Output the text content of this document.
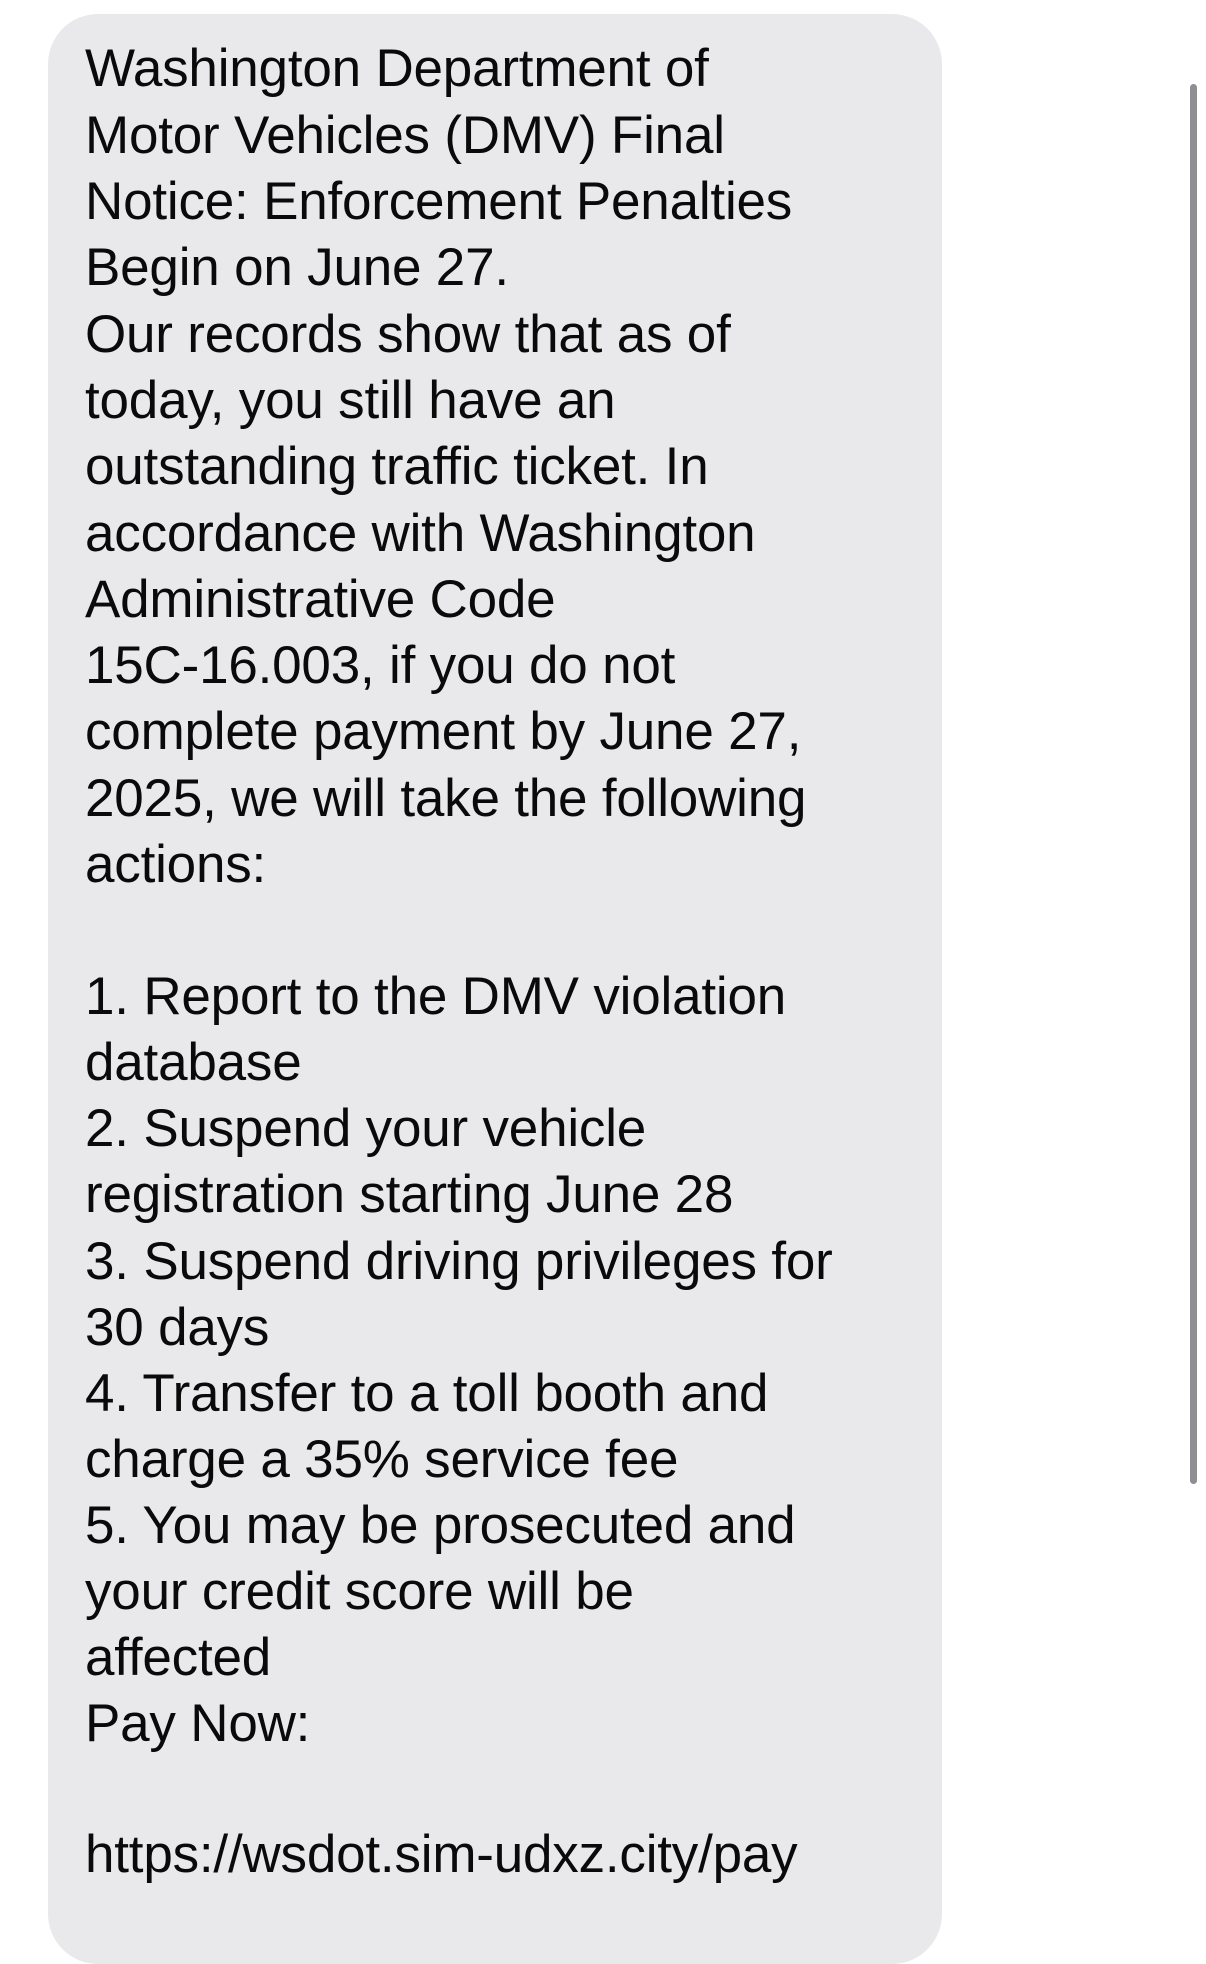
Washington Department of
Motor Vehicles (DMV) Final
Notice: Enforcement Penalties
Begin on June 27.
Our records show that as of
today, you still have an
outstanding traffic ticket. In
accordance with Washington
Administrative Code
15C-16.003, if you do not
complete payment by June 27,
2025, we will take the following
actions:
1. Report to the DMV violation
database
2. Suspend your vehicle
registration starting June 28
3. Suspend driving privileges for
30 days
4. Transfer to a toll booth and
charge a 35% service fee
5. You may be prosecuted and
your credit score will be
affected
Pay Now:
https://wsdot.sim-udxz.city/pay
